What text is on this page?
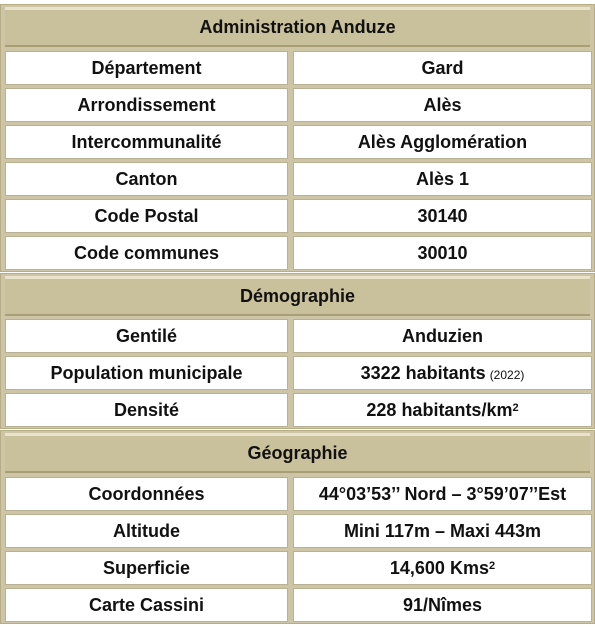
Administration Anduze
Département	Gard
Arrondissement	Alès
Intercommunalité	Alès Agglomération
Canton	Alès 1
Code Postal	30140
Code communes	30010
Démographie
Gentilé	Anduzien
Population municipale	3322 habitants (2022)
Densité	228 habitants/$km^2$
Géographie
Coordonnées	44°03’53’’ Nord – 3°59’07’’Est
Altitude	Mini 117m – Maxi 443m
Superficie	14,600 Kms$^2$
Carte Cassini	91/Nîmes
